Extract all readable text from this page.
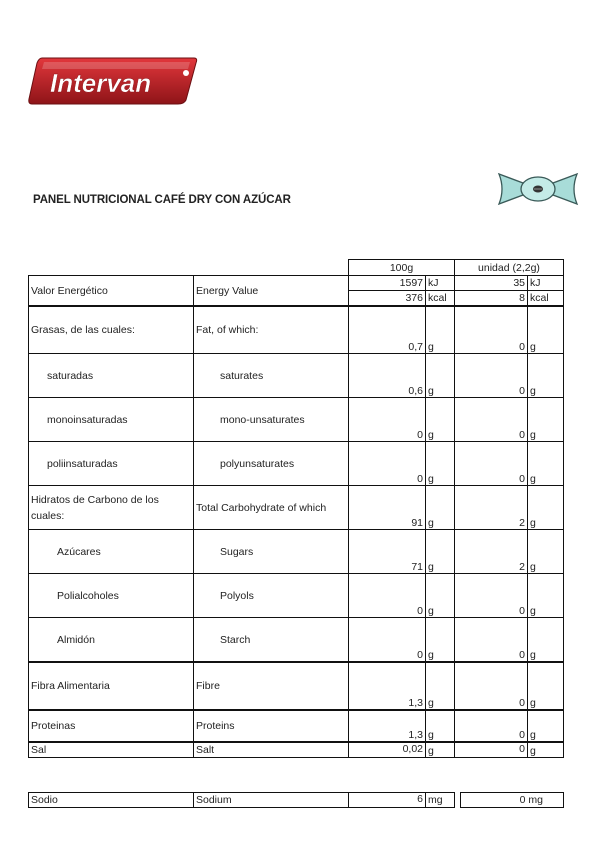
Intervan
PANEL NUTRICIONAL CAFÉ DRY CON AZÚCAR
		100g		unidad (2,2g)	
Valor Energético	Energy Value	1597	kJ	35	kJ
		376	kcal	8	kcal
Grasas, de las cuales:	Fat, of which:	0,7	g	0	g
saturadas	saturates	0,6	g	0	g
monoinsaturadas	mono-unsaturates	0	g	0	g
poliinsaturadas	polyunsaturates	0	g	0	g
Hidratos de Carbono de los cuales:	Total Carbohydrate of which	91	g	2	g
Azúcares	Sugars	71	g	2	g
Polialcoholes	Polyols	0	g	0	g
Almidón	Starch	0	g	0	g
Fibra Alimentaria	Fibre	1,3	g	0	g
Proteinas	Proteins	1,3	g	0	g
Sal	Salt	0,02	g	0	g
Sodio	Sodium	6	mg		0 mg
